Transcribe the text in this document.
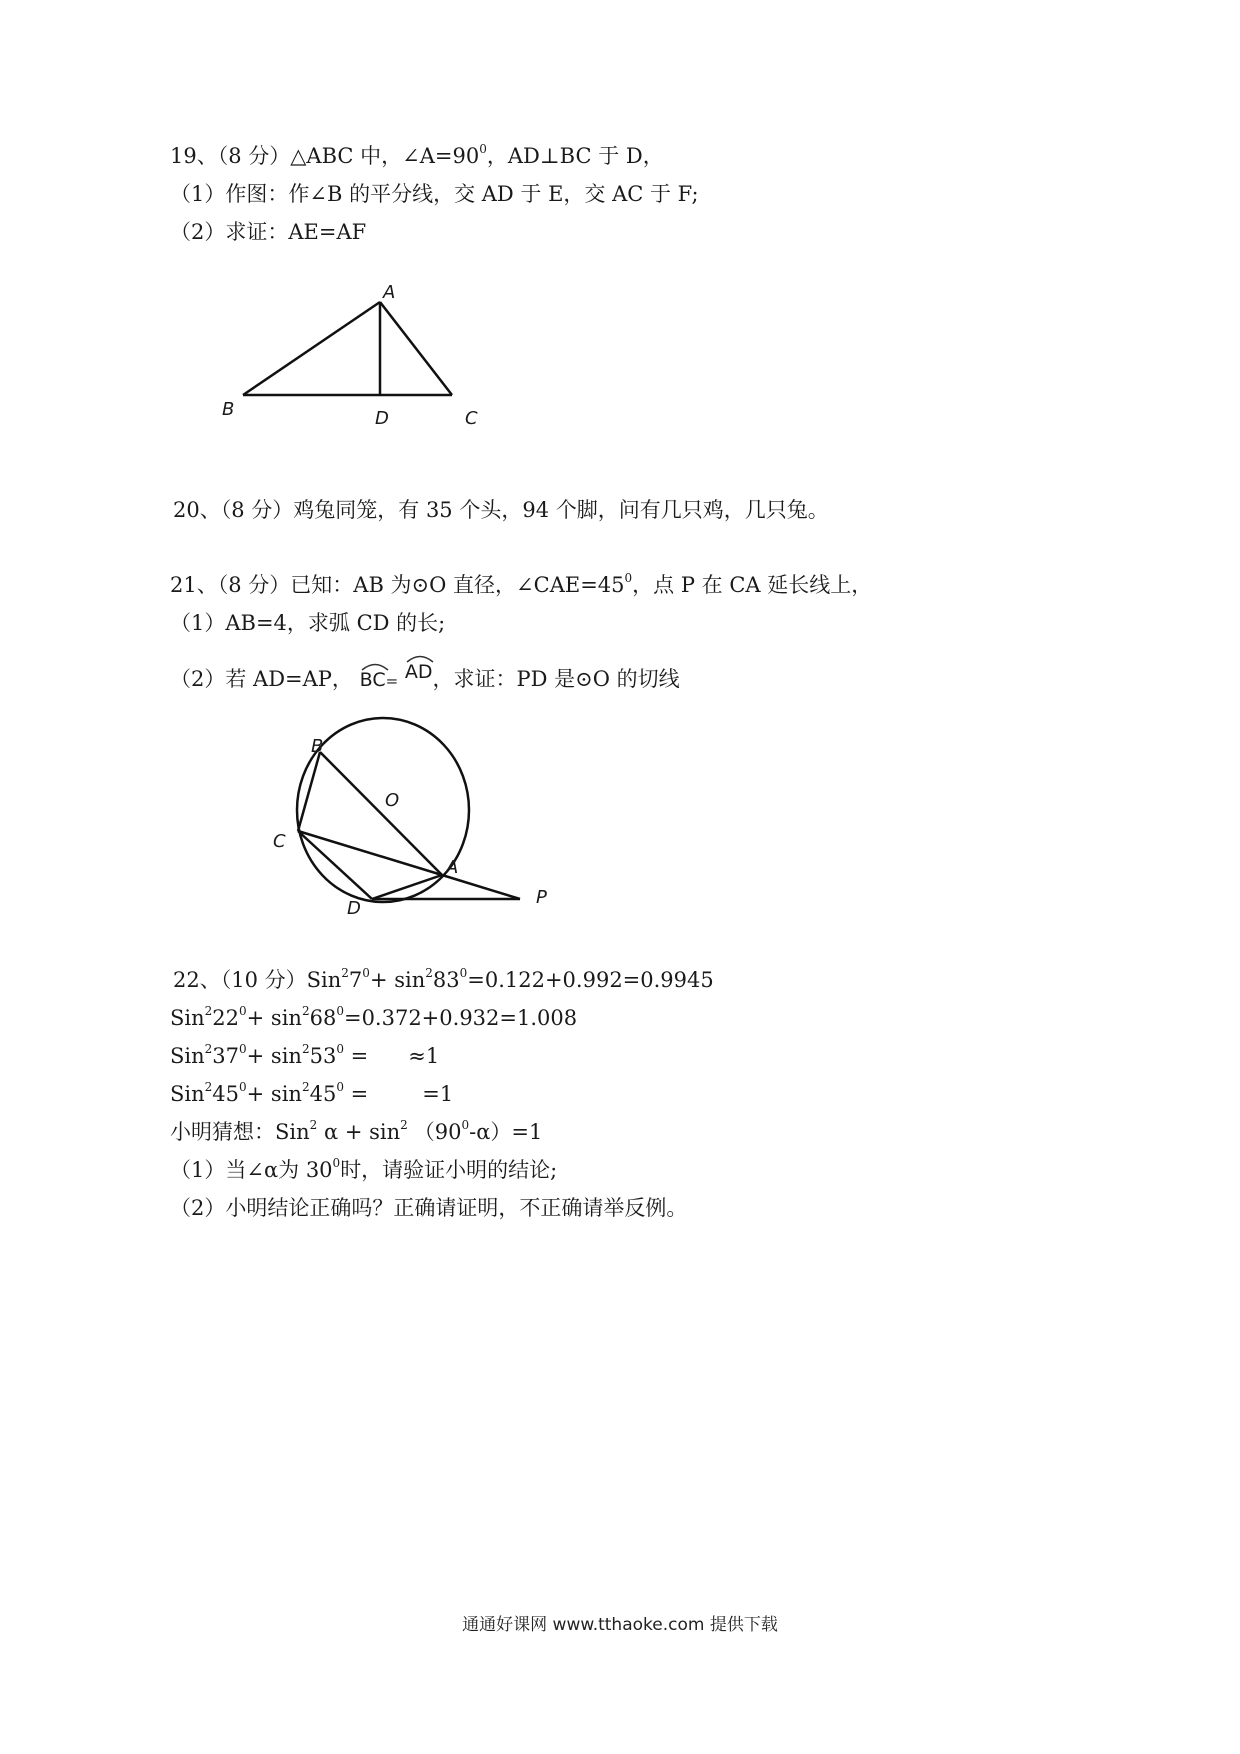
19、（8 分）△ABC 中，$\angle A=90^0$，AD⊥BC 于 D，
（1）作图：作∠B 的平分线，交 AD 于 E，交 AC 于 F;
（2）求证：AE=AF
A
B	D	C
20、（8 分）鸡兔同笼，有 35 个头，94 个脚，问有几只鸡，几只兔。
21、（8 分）已知：AB 为⊙O 直径，$\angle CAE=45^0$，点 P 在 CA 延长线上，
（1）AB=4，求弧 CD 的长;
（2）若 AD=AP， BC= AD，求证：PD 是⊙O 的切线
B
O
C
A
D
P
22、（10 分）$Sin^27^0+ \sin^283^0=0.122+0.992=0.9945$
$Sin^222^0+ \sin^268^0=0.372+0.932=1.008$
$Sin^237^0+ \sin^253^0 = \approx 1$
$Sin^245^0+ \sin^245^0$ =	=1
小明猜想：Sin$^2$ $\alpha + \sin^2 (90^0-\alpha)=1$
（1）当∠α为 $30^0$时，请验证小明的结论;
（2）小明结论正确吗？正确请证明，不正确请举反例。
通通好课网 www.tthaoke.com 提供下载
